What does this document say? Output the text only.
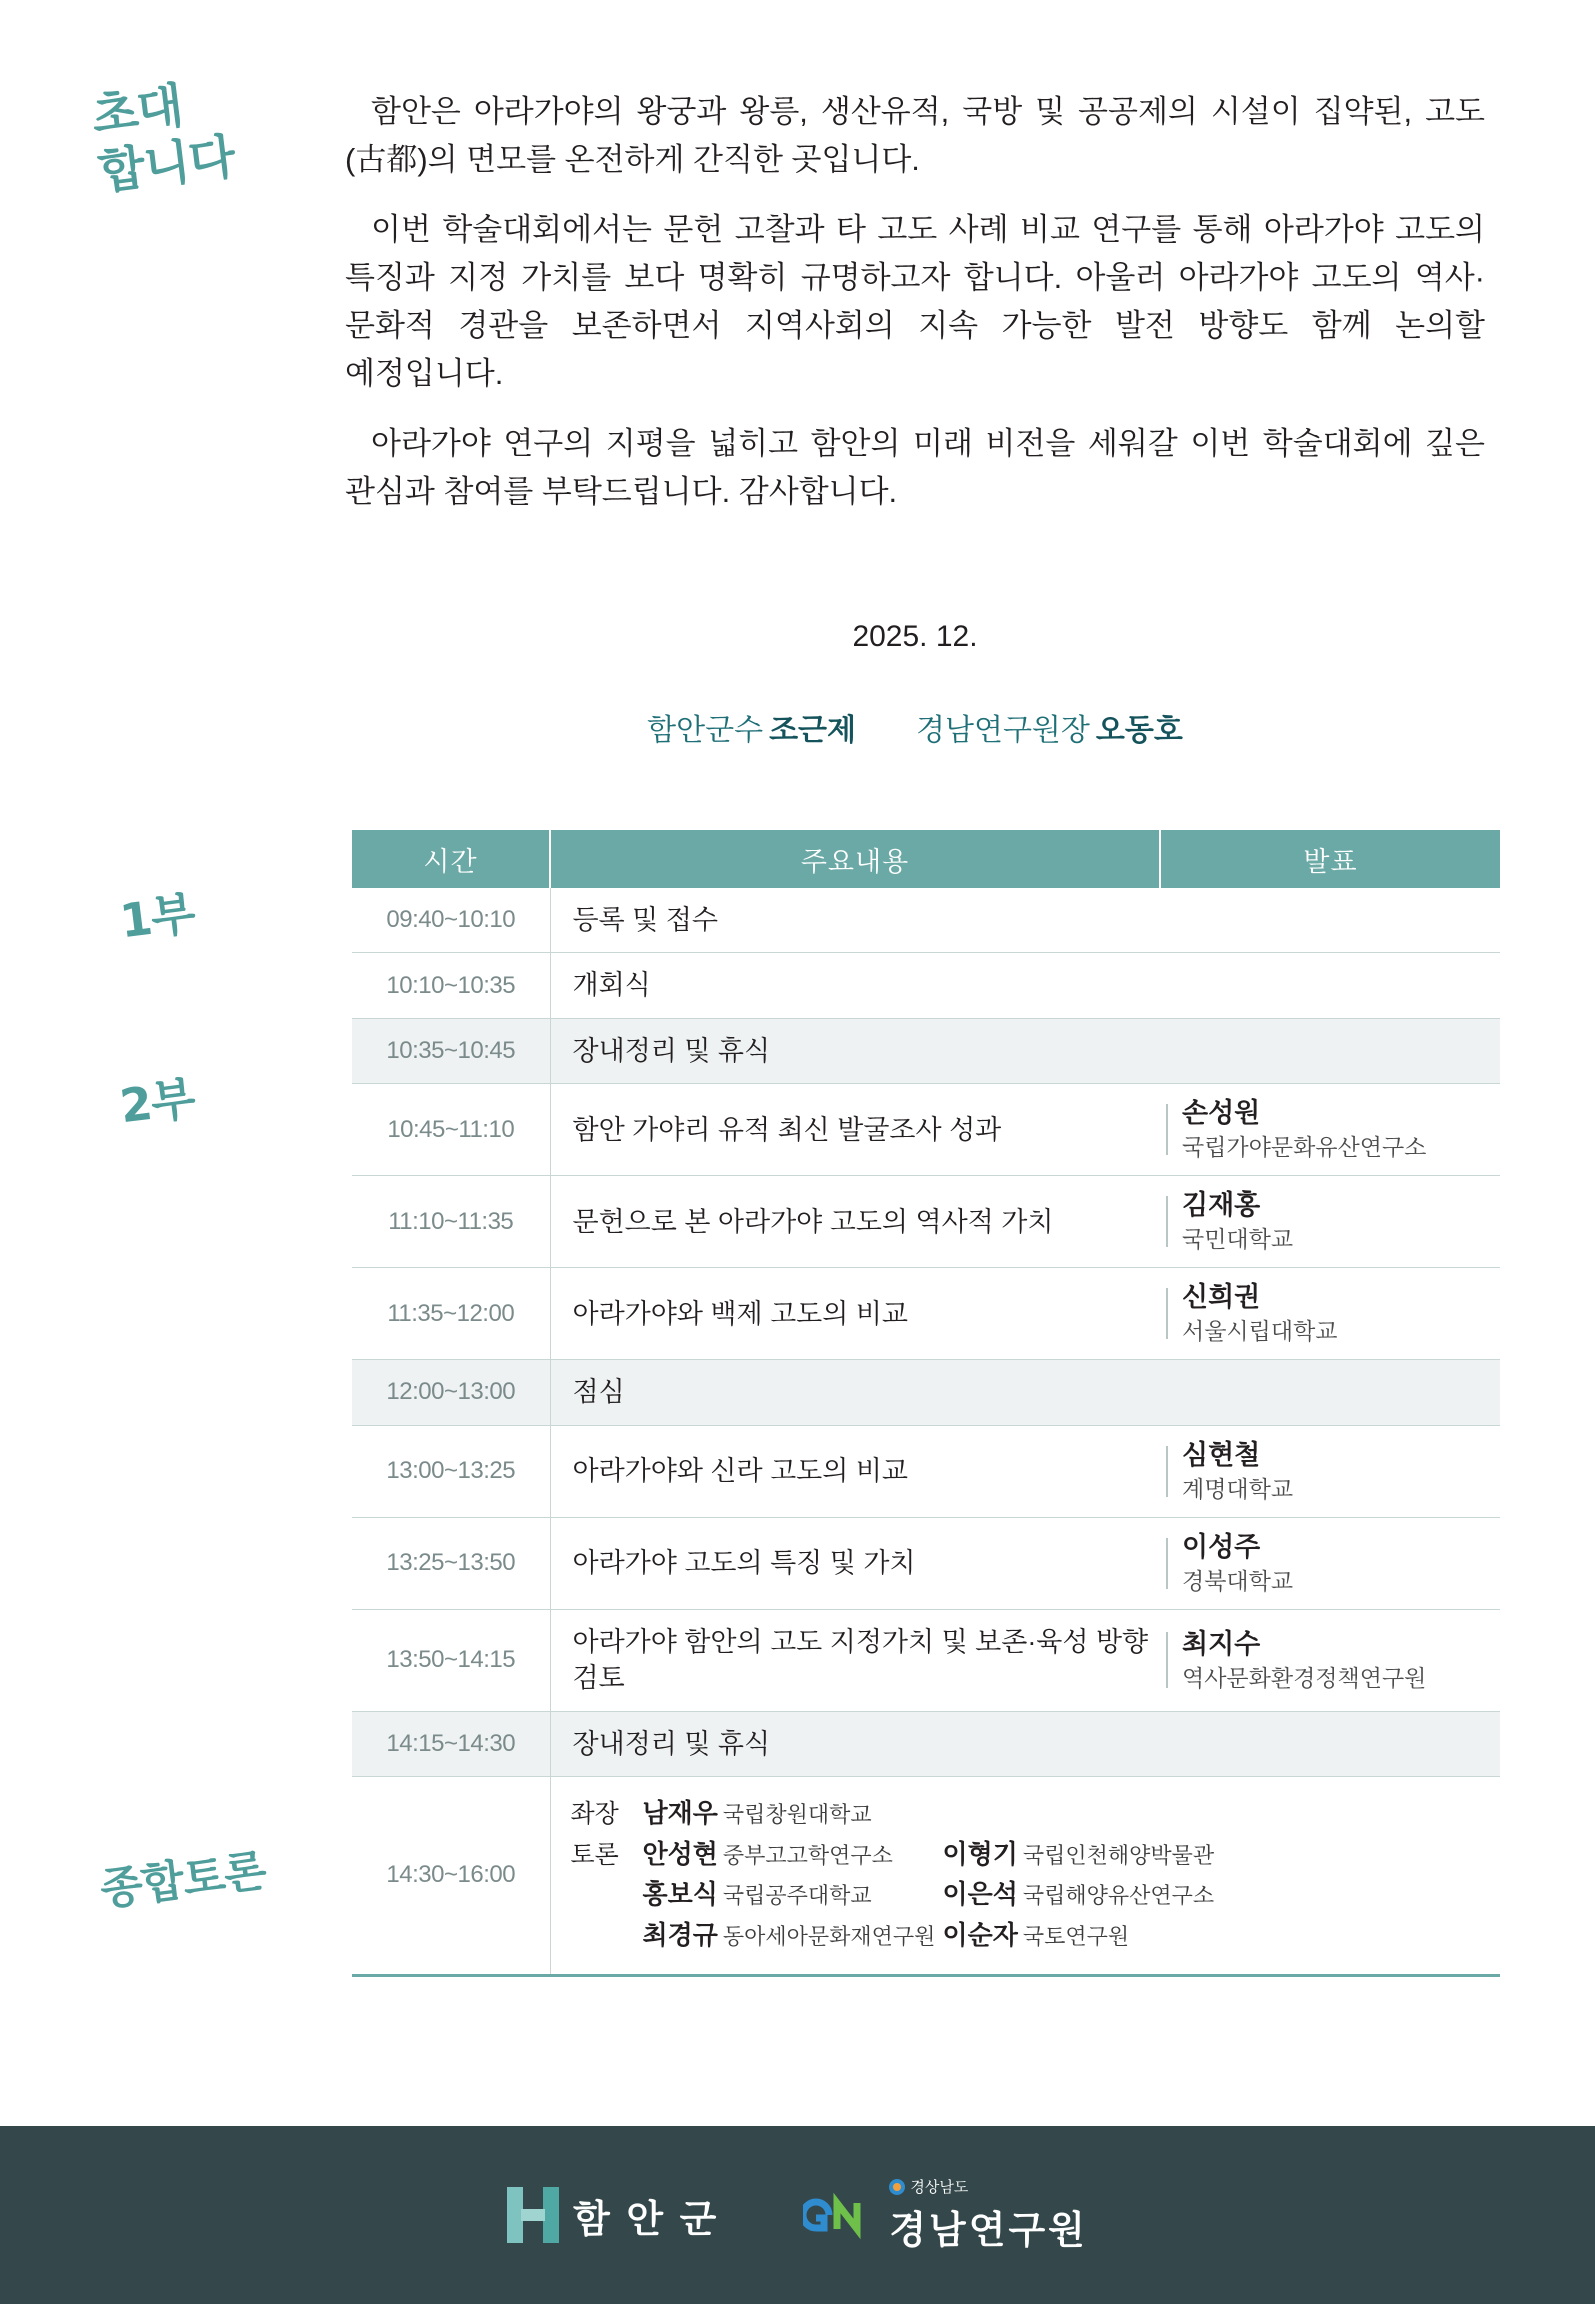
초대
합니다
1부
2부
종합토론

함안은 아라가야의 왕궁과 왕릉, 생산유적, 국방 및 공공제의 시설이 집약된, 고도(古都)의 면모를 온전하게 간직한 곳입니다.

이번 학술대회에서는 문헌 고찰과 타 고도 사례 비교 연구를 통해 아라가야 고도의 특징과 지정 가치를 보다 명확히 규명하고자 합니다. 아울러 아라가야 고도의 역사·문화적 경관을 보존하면서 지역사회의 지속 가능한 발전 방향도 함께 논의할 예정입니다.

아라가야 연구의 지평을 넓히고 함안의 미래 비전을 세워갈 이번 학술대회에 깊은 관심과 참여를 부탁드립니다. 감사합니다.

2025. 12.
함안군수 조근제 경남연구원장 오동호
시간	주요내용	발표
09:40~10:10	등록 및 접수	
10:10~10:35	개회식	
10:35~10:45	장내정리 및 휴식	
10:45~11:10	함안 가야리 유적 최신 발굴조사 성과	손성원
국립가야문화유산연구소

11:10~11:35	문헌으로 본 아라가야 고도의 역사적 가치	김재홍
국민대학교

11:35~12:00	아라가야와 백제 고도의 비교	신희권
서울시립대학교

12:00~13:00	점심	
13:00~13:25	아라가야와 신라 고도의 비교	심현철
계명대학교

13:25~13:50	아라가야 고도의 특징 및 가치	이성주
경북대학교

13:50~14:15	아라가야 함안의 고도 지정가치 및 보존·육성 방향 검토	최지수
역사문화환경정책연구원

14:15~14:30	장내정리 및 휴식	
14:30~16:00	
좌장 남재우 국립창원대학교
토론 안성현 중부고고학연구소	이형기 국립인천해양박물관
홍보식 국립공주대학교	이은석 국립해양유산연구소
최경규 동아세아문화재연구원 이순자 국토연구원
함 안 군
경상남도
경남연구원
